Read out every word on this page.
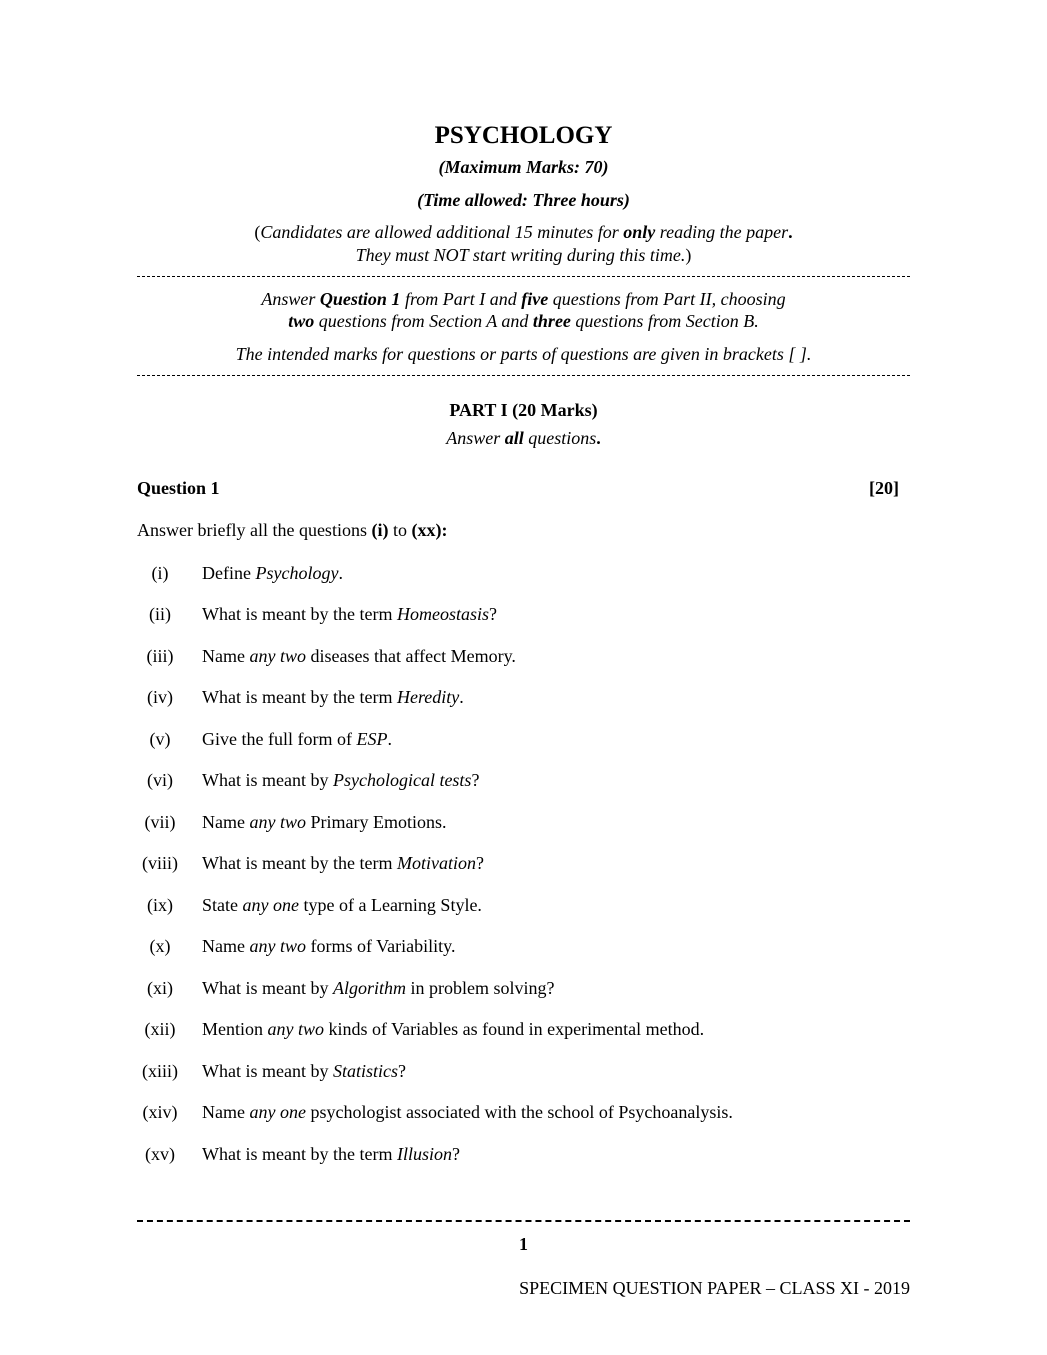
PSYCHOLOGY
(Maximum Marks: 70)
(Time allowed: Three hours)
(Candidates are allowed additional 15 minutes for only reading the paper.
They must NOT start writing during this time.)
Answer Question 1 from Part I and five questions from Part II, choosing
two questions from Section A and three questions from Section B.
The intended marks for questions or parts of questions are given in brackets [ ].
PART I (20 Marks)
Answer all questions.
Question 1	[20]
Answer briefly all the questions (i) to (xx):
(i)	Define Psychology.
(ii)	What is meant by the term Homeostasis?
(iii)	Name any two diseases that affect Memory.
(iv)	What is meant by the term Heredity.
(v)	Give the full form of ESP.
(vi)	What is meant by Psychological tests?
(vii)	Name any two Primary Emotions.
(viii) What is meant by the term Motivation?
(ix)	State any one type of a Learning Style.
(x)	Name any two forms of Variability.
(xi)	What is meant by Algorithm in problem solving?
(xii)	Mention any two kinds of Variables as found in experimental method.
(xiii) What is meant by Statistics?
(xiv)	Name any one psychologist associated with the school of Psychoanalysis.
(xv)	What is meant by the term Illusion?
1
SPECIMEN QUESTION PAPER – CLASS XI - 2019
